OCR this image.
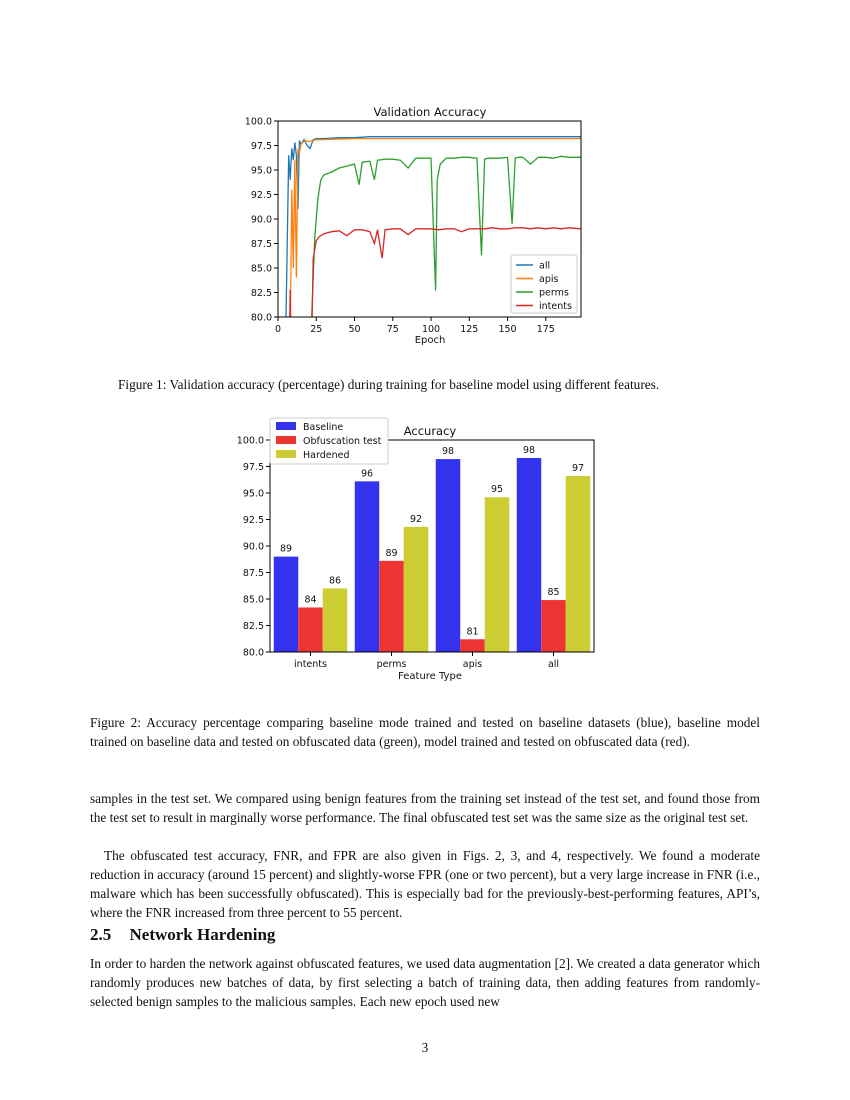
Validation Accuracy
80.0
82.5
85.0
87.5
90.0
92.5
95.0
97.5
100.0
0	25	50	75 100 125 150 175
all
apis
perms
intents
Epoch
Figure 1: Validation accuracy (percentage) during training for baseline model using different features.
Accuracy
89
84
86
intents
96
89
92
perms
98
81
95
apis
98
85
97
all
80.0
82.5
85.0
87.5
90.0
92.5
95.0
97.5
100.0
Baseline
Obfuscation test
Hardened
Feature Type
Figure 2: Accuracy percentage comparing baseline mode trained and tested on baseline datasets (blue), baseline model trained on baseline data and tested on obfuscated data (green), model trained and tested on obfuscated data (red).
samples in the test set. We compared using benign features from the training set instead of the test set, and found those from the test set to result in marginally worse performance. The final obfuscated test set was the same size as the original test set.
The obfuscated test accuracy, FNR, and FPR are also given in Figs. 2, 3, and 4, respectively. We found a moderate reduction in accuracy (around 15 percent) and slightly-worse FPR (one or two percent), but a very large increase in FNR (i.e., malware which has been successfully obfuscated). This is especially bad for the previously-best-performing features, API’s, where the FNR increased from three percent to 55 percent.
2.5 Network Hardening
In order to harden the network against obfuscated features, we used data augmentation [2]. We created a data generator which randomly produces new batches of data, by first selecting a batch of training data, then adding features from randomly-selected benign samples to the malicious samples. Each new epoch used new
3
